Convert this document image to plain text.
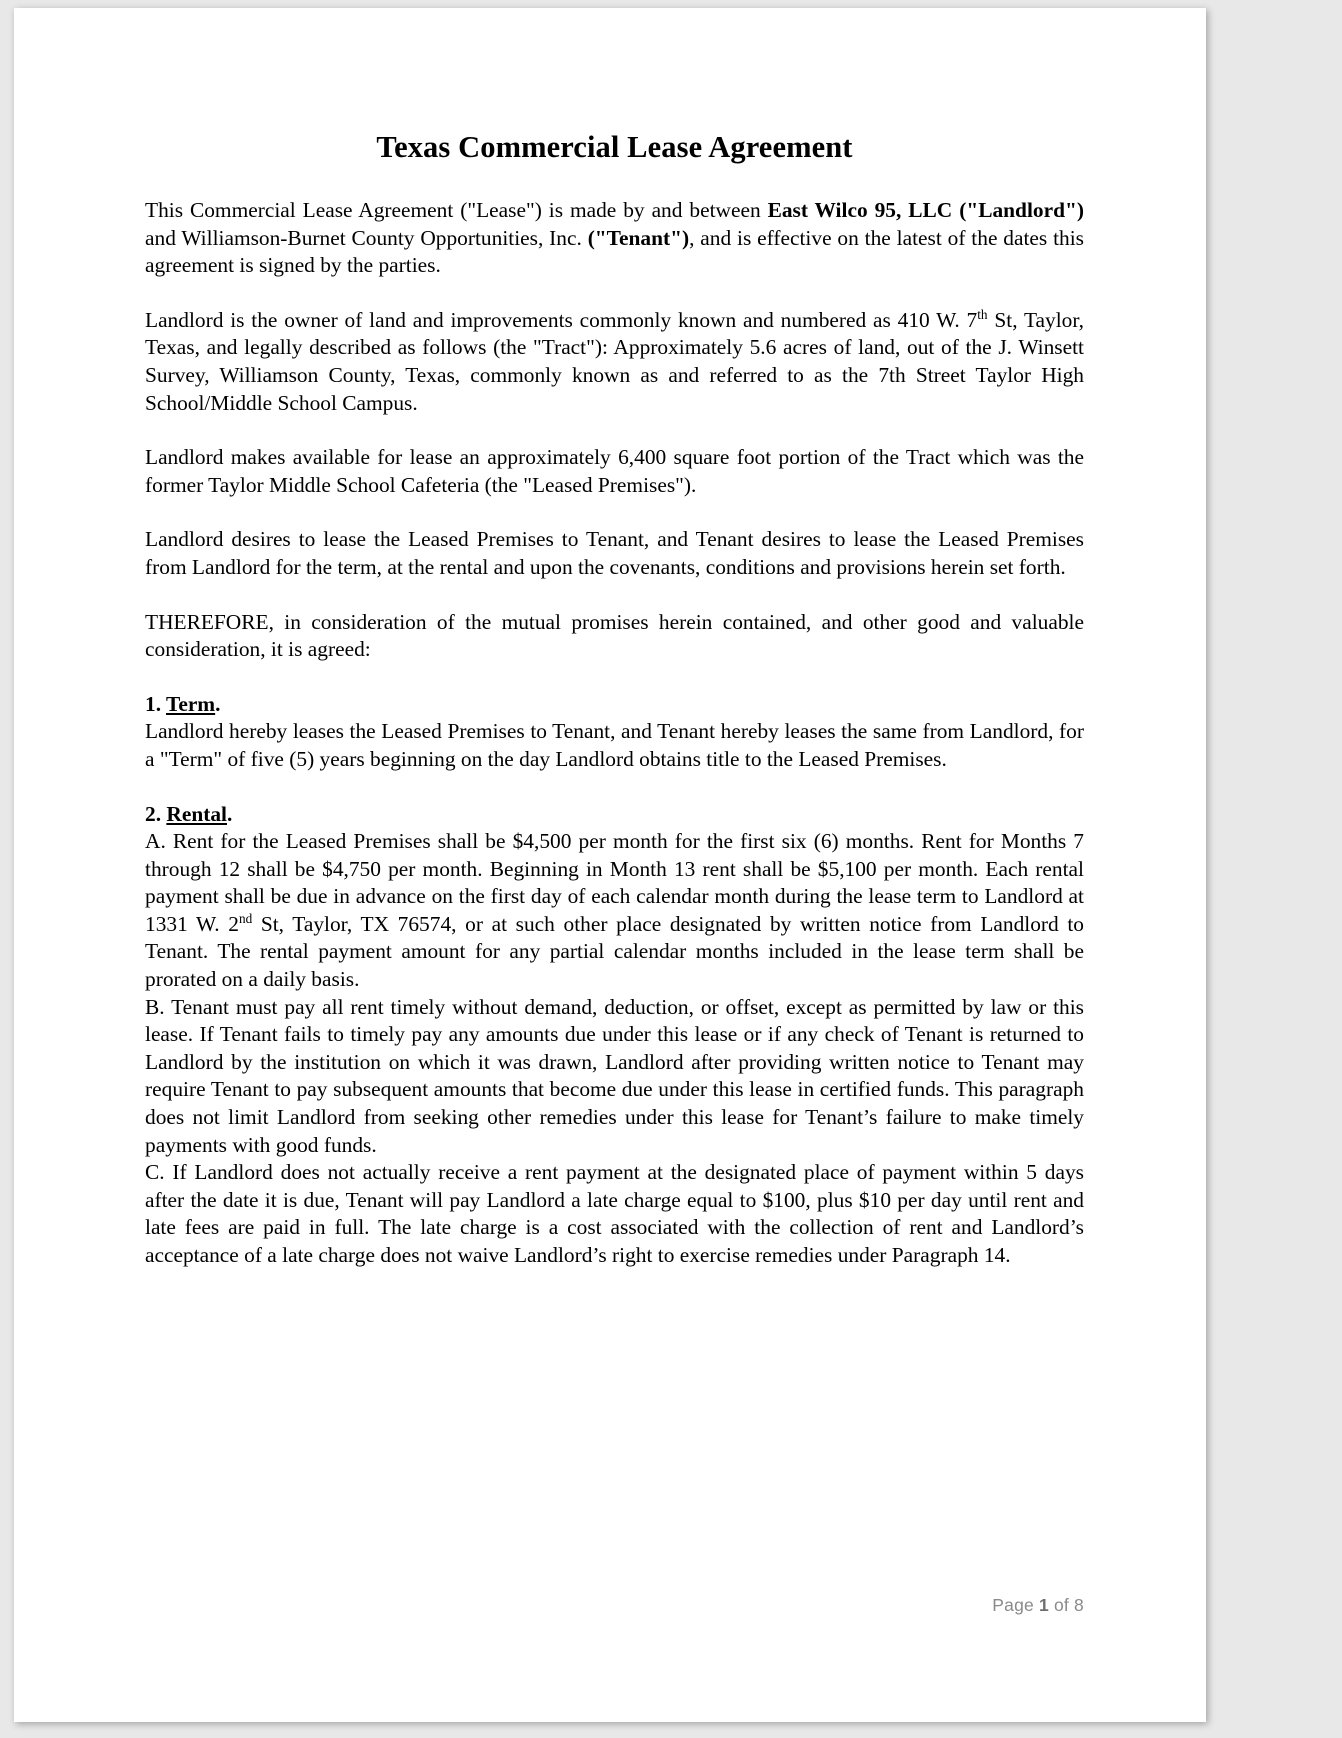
Texas Commercial Lease Agreement

This Commercial Lease Agreement ("Lease") is made by and between East Wilco 95, LLC ("Landlord") and Williamson-Burnet County Opportunities, Inc. ("Tenant"), and is effective on the latest of the dates this agreement is signed by the parties.

Landlord is the owner of land and improvements commonly known and numbered as 410 W. 7th St, Taylor, Texas, and legally described as follows (the "Tract"): Approximately 5.6 acres of land, out of the J. Winsett Survey, Williamson County, Texas, commonly known as and referred to as the 7th Street Taylor High School/Middle School Campus.

Landlord makes available for lease an approximately 6,400 square foot portion of the Tract which was the former Taylor Middle School Cafeteria (the "Leased Premises").

Landlord desires to lease the Leased Premises to Tenant, and Tenant desires to lease the Leased Premises from Landlord for the term, at the rental and upon the covenants, conditions and provisions herein set forth.

THEREFORE, in consideration of the mutual promises herein contained, and other good and valuable consideration, it is agreed:

1. Term.

Landlord hereby leases the Leased Premises to Tenant, and Tenant hereby leases the same from Landlord, for a "Term" of five (5) years beginning on the day Landlord obtains title to the Leased Premises.

2. Rental.

A. Rent for the Leased Premises shall be $4,500 per month for the first six (6) months. Rent for Months 7 through 12 shall be $4,750 per month. Beginning in Month 13 rent shall be $5,100 per month. Each rental payment shall be due in advance on the first day of each calendar month during the lease term to Landlord at 1331 W. 2nd St, Taylor, TX 76574, or at such other place designated by written notice from Landlord to Tenant. The rental payment amount for any partial calendar months included in the lease term shall be prorated on a daily basis.

B. Tenant must pay all rent timely without demand, deduction, or offset, except as permitted by law or this lease. If Tenant fails to timely pay any amounts due under this lease or if any check of Tenant is returned to Landlord by the institution on which it was drawn, Landlord after providing written notice to Tenant may require Tenant to pay subsequent amounts that become due under this lease in certified funds. This paragraph does not limit Landlord from seeking other remedies under this lease for Tenant’s failure to make timely payments with good funds.

C. If Landlord does not actually receive a rent payment at the designated place of payment within 5 days after the date it is due, Tenant will pay Landlord a late charge equal to $100, plus $10 per day until rent and late fees are paid in full. The late charge is a cost associated with the collection of rent and Landlord’s acceptance of a late charge does not waive Landlord’s right to exercise remedies under Paragraph 14.

Page 1 of 8
